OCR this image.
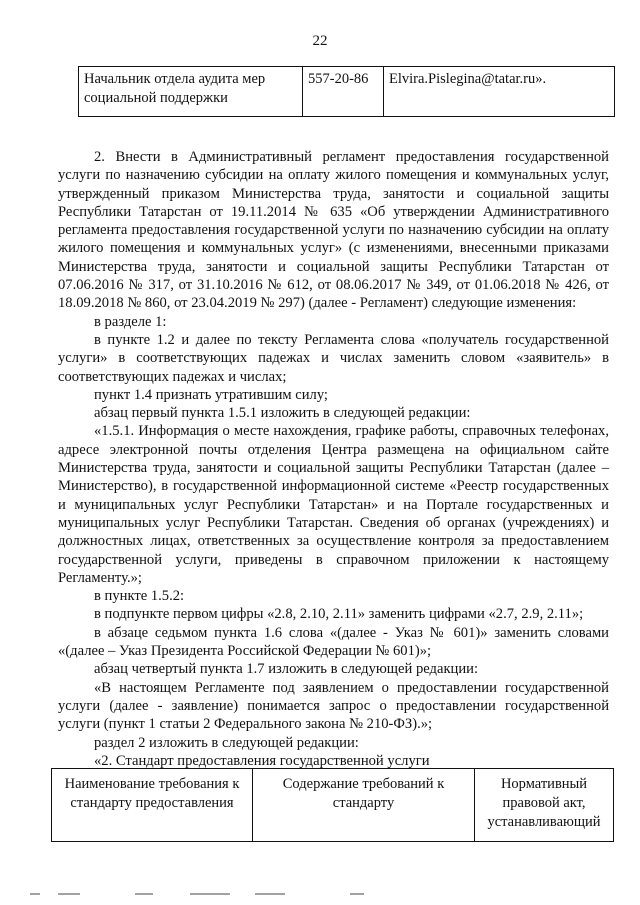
22
Начальник отдела аудита мер социальной поддержки	557-20-86	Elvira.Pislegina@tatar.ru».

2. Внести в Административный регламент предоставления государственной услуги по назначению субсидии на оплату жилого помещения и коммунальных услуг, утвержденный приказом Министерства труда, занятости и социальной защиты Республики Татарстан от 19.11.2014 № 635 «Об утверждении Административного регламента предоставления государственной услуги по назначению субсидии на оплату жилого помещения и коммунальных услуг» (с изменениями, внесенными приказами Министерства труда, занятости и социальной защиты Республики Татарстан от 07.06.2016 № 317, от 31.10.2016 № 612, от 08.06.2017 № 349, от 01.06.2018 № 426, от 18.09.2018 № 860, от 23.04.2019 № 297) (далее - Регламент) следующие изменения:

в разделе 1:

в пункте 1.2 и далее по тексту Регламента слова «получатель государственной услуги» в соответствующих падежах и числах заменить словом «заявитель» в соответствующих падежах и числах;

пункт 1.4 признать утратившим силу;

абзац первый пункта 1.5.1 изложить в следующей редакции:

«1.5.1. Информация о месте нахождения, графике работы, справочных телефонах, адресе электронной почты отделения Центра размещена на официальном сайте Министерства труда, занятости и социальной защиты Республики Татарстан (далее – Министерство), в государственной информационной системе «Реестр государственных и муниципальных услуг Республики Татарстан» и на Портале государственных и муниципальных услуг Республики Татарстан. Сведения об органах (учреждениях) и должностных лицах, ответственных за осуществление контроля за предоставлением государственной услуги, приведены в справочном приложении к настоящему Регламенту.»;

в пункте 1.5.2:

в подпункте первом цифры «2.8, 2.10, 2.11» заменить цифрами «2.7, 2.9, 2.11»;

в абзаце седьмом пункта 1.6 слова «(далее - Указ № 601)» заменить словами «(далее – Указ Президента Российской Федерации № 601)»;

абзац четвертый пункта 1.7 изложить в следующей редакции:

«В настоящем Регламенте под заявлением о предоставлении государственной услуги (далее - заявление) понимается запрос о предоставлении государственной услуги (пункт 1 статьи 2 Федерального закона № 210-ФЗ).»;

раздел 2 изложить в следующей редакции:

«2. Стандарт предоставления государственной услуги

Наименование требования к стандарту предоставления	Содержание требований к стандарту	Нормативный правовой акт, устанавливающий
